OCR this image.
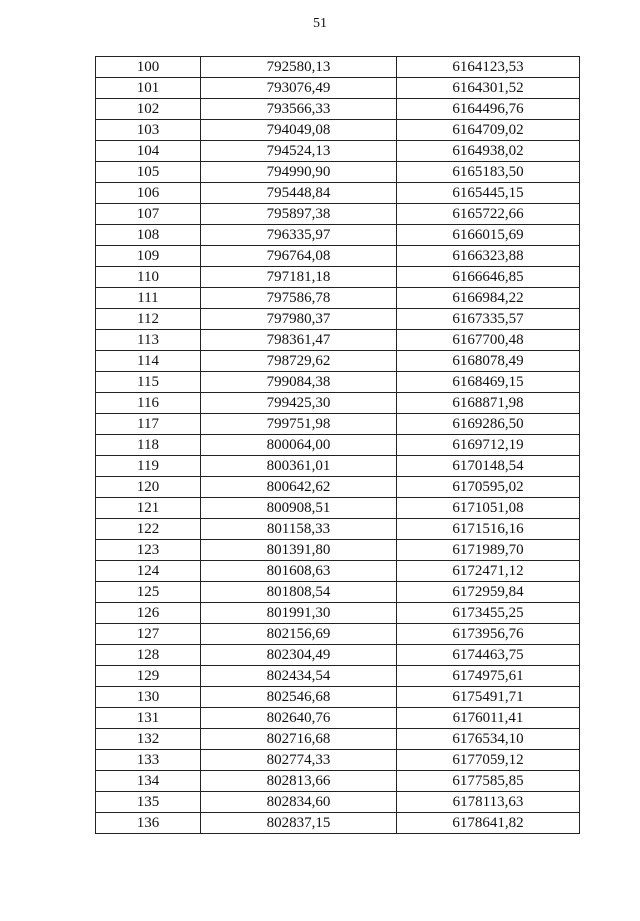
51
100	792580,13	6164123,53
101	793076,49	6164301,52
102	793566,33	6164496,76
103	794049,08	6164709,02
104	794524,13	6164938,02
105	794990,90	6165183,50
106	795448,84	6165445,15
107	795897,38	6165722,66
108	796335,97	6166015,69
109	796764,08	6166323,88
110	797181,18	6166646,85
111	797586,78	6166984,22
112	797980,37	6167335,57
113	798361,47	6167700,48
114	798729,62	6168078,49
115	799084,38	6168469,15
116	799425,30	6168871,98
117	799751,98	6169286,50
118	800064,00	6169712,19
119	800361,01	6170148,54
120	800642,62	6170595,02
121	800908,51	6171051,08
122	801158,33	6171516,16
123	801391,80	6171989,70
124	801608,63	6172471,12
125	801808,54	6172959,84
126	801991,30	6173455,25
127	802156,69	6173956,76
128	802304,49	6174463,75
129	802434,54	6174975,61
130	802546,68	6175491,71
131	802640,76	6176011,41
132	802716,68	6176534,10
133	802774,33	6177059,12
134	802813,66	6177585,85
135	802834,60	6178113,63
136	802837,15	6178641,82
